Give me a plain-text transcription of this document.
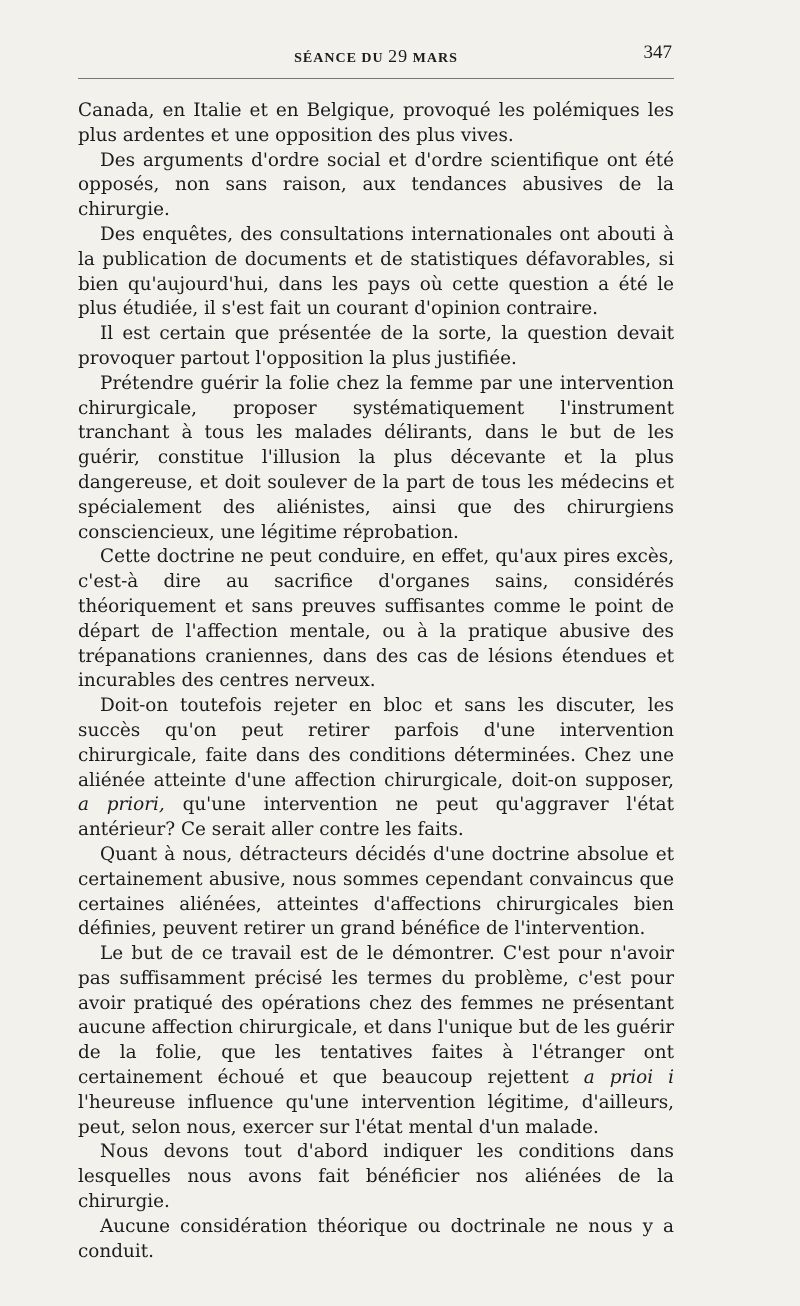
SÉANCE DU 29 MARS	347

Canada, en Italie et en Belgique, provoqué les polémiques les plus ardentes et une opposition des plus vives.

Des arguments d'ordre social et d'ordre scientifique ont été opposés, non sans raison, aux tendances abusives de la chirurgie.

Des enquêtes, des consultations internationales ont abouti à la publication de documents et de statistiques défavorables, si bien qu'aujourd'hui, dans les pays où cette question a été le plus étudiée, il s'est fait un courant d'opinion contraire.

Il est certain que présentée de la sorte, la question devait provoquer partout l'opposition la plus justifiée.

Prétendre guérir la folie chez la femme par une intervention chirurgicale, proposer systématiquement l'instrument tranchant à tous les malades délirants, dans le but de les guérir, constitue l'illusion la plus décevante et la plus dangereuse, et doit soulever de la part de tous les médecins et spécialement des aliénistes, ainsi que des chirurgiens consciencieux, une légitime réprobation.

Cette doctrine ne peut conduire, en effet, qu'aux pires excès, c'est-à dire au sacrifice d'organes sains, considérés théoriquement et sans preuves suffisantes comme le point de départ de l'affection mentale, ou à la pratique abusive des trépanations craniennes, dans des cas de lésions étendues et incurables des centres nerveux.

Doit-on toutefois rejeter en bloc et sans les discuter, les succès qu'on peut retirer parfois d'une intervention chirurgicale, faite dans des conditions déterminées. Chez une aliénée atteinte d'une affection chirurgicale, doit-on supposer, a priori, qu'une intervention ne peut qu'aggraver l'état antérieur? Ce serait aller contre les faits.

Quant à nous, détracteurs décidés d'une doctrine absolue et certainement abusive, nous sommes cependant convaincus que certaines aliénées, atteintes d'affections chirurgicales bien définies, peuvent retirer un grand bénéfice de l'intervention.

Le but de ce travail est de le démontrer. C'est pour n'avoir pas suffisamment précisé les termes du problème, c'est pour avoir pratiqué des opérations chez des femmes ne présentant aucune affection chirurgicale, et dans l'unique but de les guérir de la folie, que les tentatives faites à l'étranger ont certainement échoué et que beaucoup rejettent a prioi i l'heureuse influence qu'une intervention légitime, d'ailleurs, peut, selon nous, exercer sur l'état mental d'un malade.

Nous devons tout d'abord indiquer les conditions dans lesquelles nous avons fait bénéficier nos aliénées de la chirurgie.

Aucune considération théorique ou doctrinale ne nous y a conduit.
